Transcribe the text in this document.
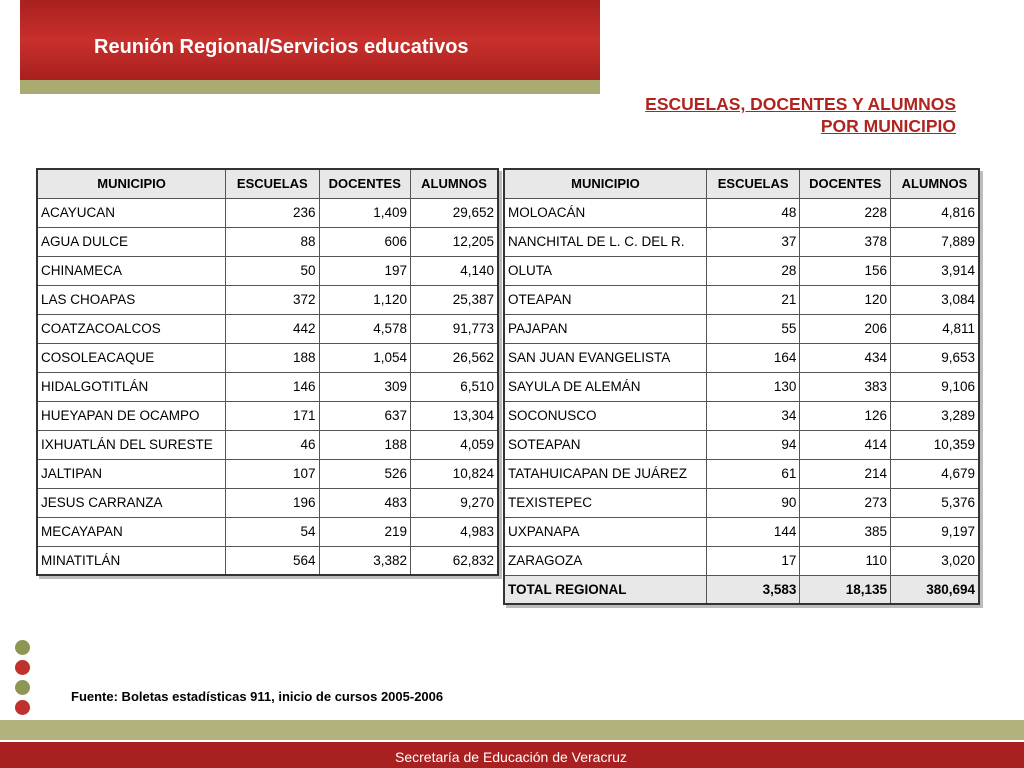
Reunión Regional/Servicios educativos
ESCUELAS, DOCENTES Y ALUMNOS
POR MUNICIPIO
MUNICIPIO	ESCUELAS	DOCENTES	ALUMNOS
ACAYUCAN	236	1,409	29,652
AGUA DULCE	88	606	12,205
CHINAMECA	50	197	4,140
LAS CHOAPAS	372	1,120	25,387
COATZACOALCOS	442	4,578	91,773
COSOLEACAQUE	188	1,054	26,562
HIDALGOTITLÁN	146	309	6,510
HUEYAPAN DE OCAMPO	171	637	13,304
IXHUATLÁN DEL SURESTE	46	188	4,059
JALTIPAN	107	526	10,824
JESUS CARRANZA	196	483	9,270
MECAYAPAN	54	219	4,983
MINATITLÁN	564	3,382	62,832
MUNICIPIO	ESCUELAS	DOCENTES	ALUMNOS
MOLOACÁN	48	228	4,816
NANCHITAL DE L. C. DEL R.	37	378	7,889
OLUTA	28	156	3,914
OTEAPAN	21	120	3,084
PAJAPAN	55	206	4,811
SAN JUAN EVANGELISTA	164	434	9,653
SAYULA DE ALEMÁN	130	383	9,106
SOCONUSCO	34	126	3,289
SOTEAPAN	94	414	10,359
TATAHUICAPAN DE JUÁREZ	61	214	4,679
TEXISTEPEC	90	273	5,376
UXPANAPA	144	385	9,197
ZARAGOZA	17	110	3,020
TOTAL REGIONAL	3,583	18,135	380,694
Fuente: Boletas estadísticas 911, inicio de cursos 2005-2006
Secretaría de Educación de Veracruz
